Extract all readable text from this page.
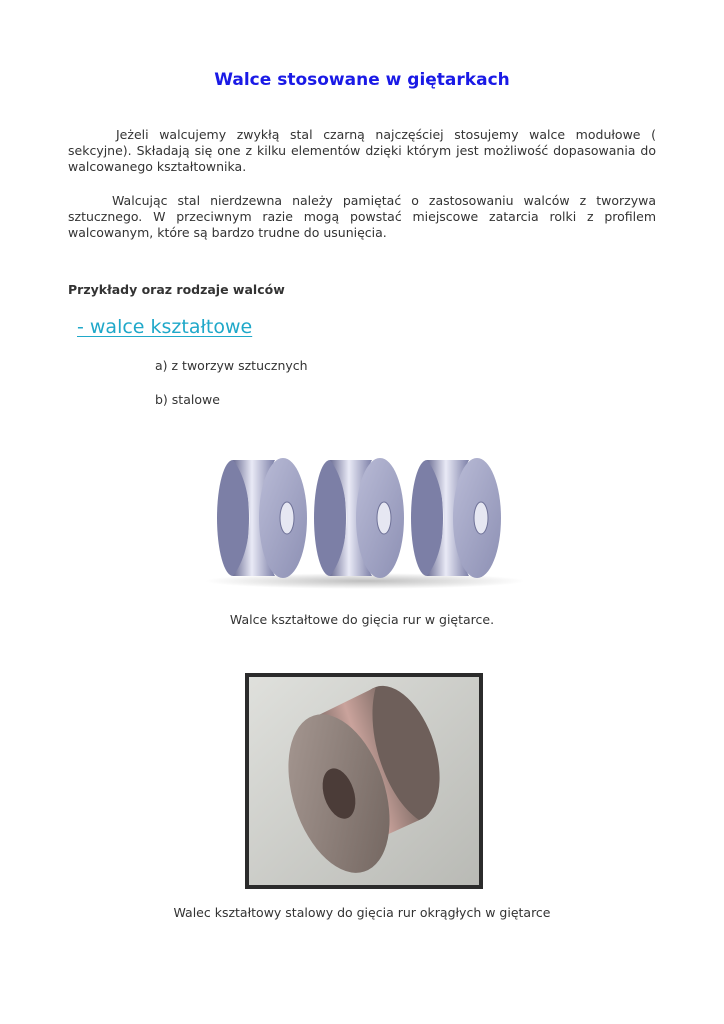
Walce stosowane w giętarkach
Jeżeli walcujemy zwykłą stal czarną najczęściej stosujemy walce modułowe ( sekcyjne). Składają się one z kilku elementów dzięki którym jest możliwość dopasowania do walcowanego kształtownika.
Walcując stal nierdzewna należy pamiętać o zastosowaniu walców z tworzywa sztucznego. W przeciwnym razie mogą powstać miejscowe zatarcia rolki z profilem walcowanym, które są bardzo trudne do usunięcia.
Przykłady oraz rodzaje walców
- walce kształtowe
a) z tworzyw sztucznych
b) stalowe
Walce kształtowe do gięcia rur w giętarce.
Walec kształtowy stalowy do gięcia rur okrągłych w giętarce
